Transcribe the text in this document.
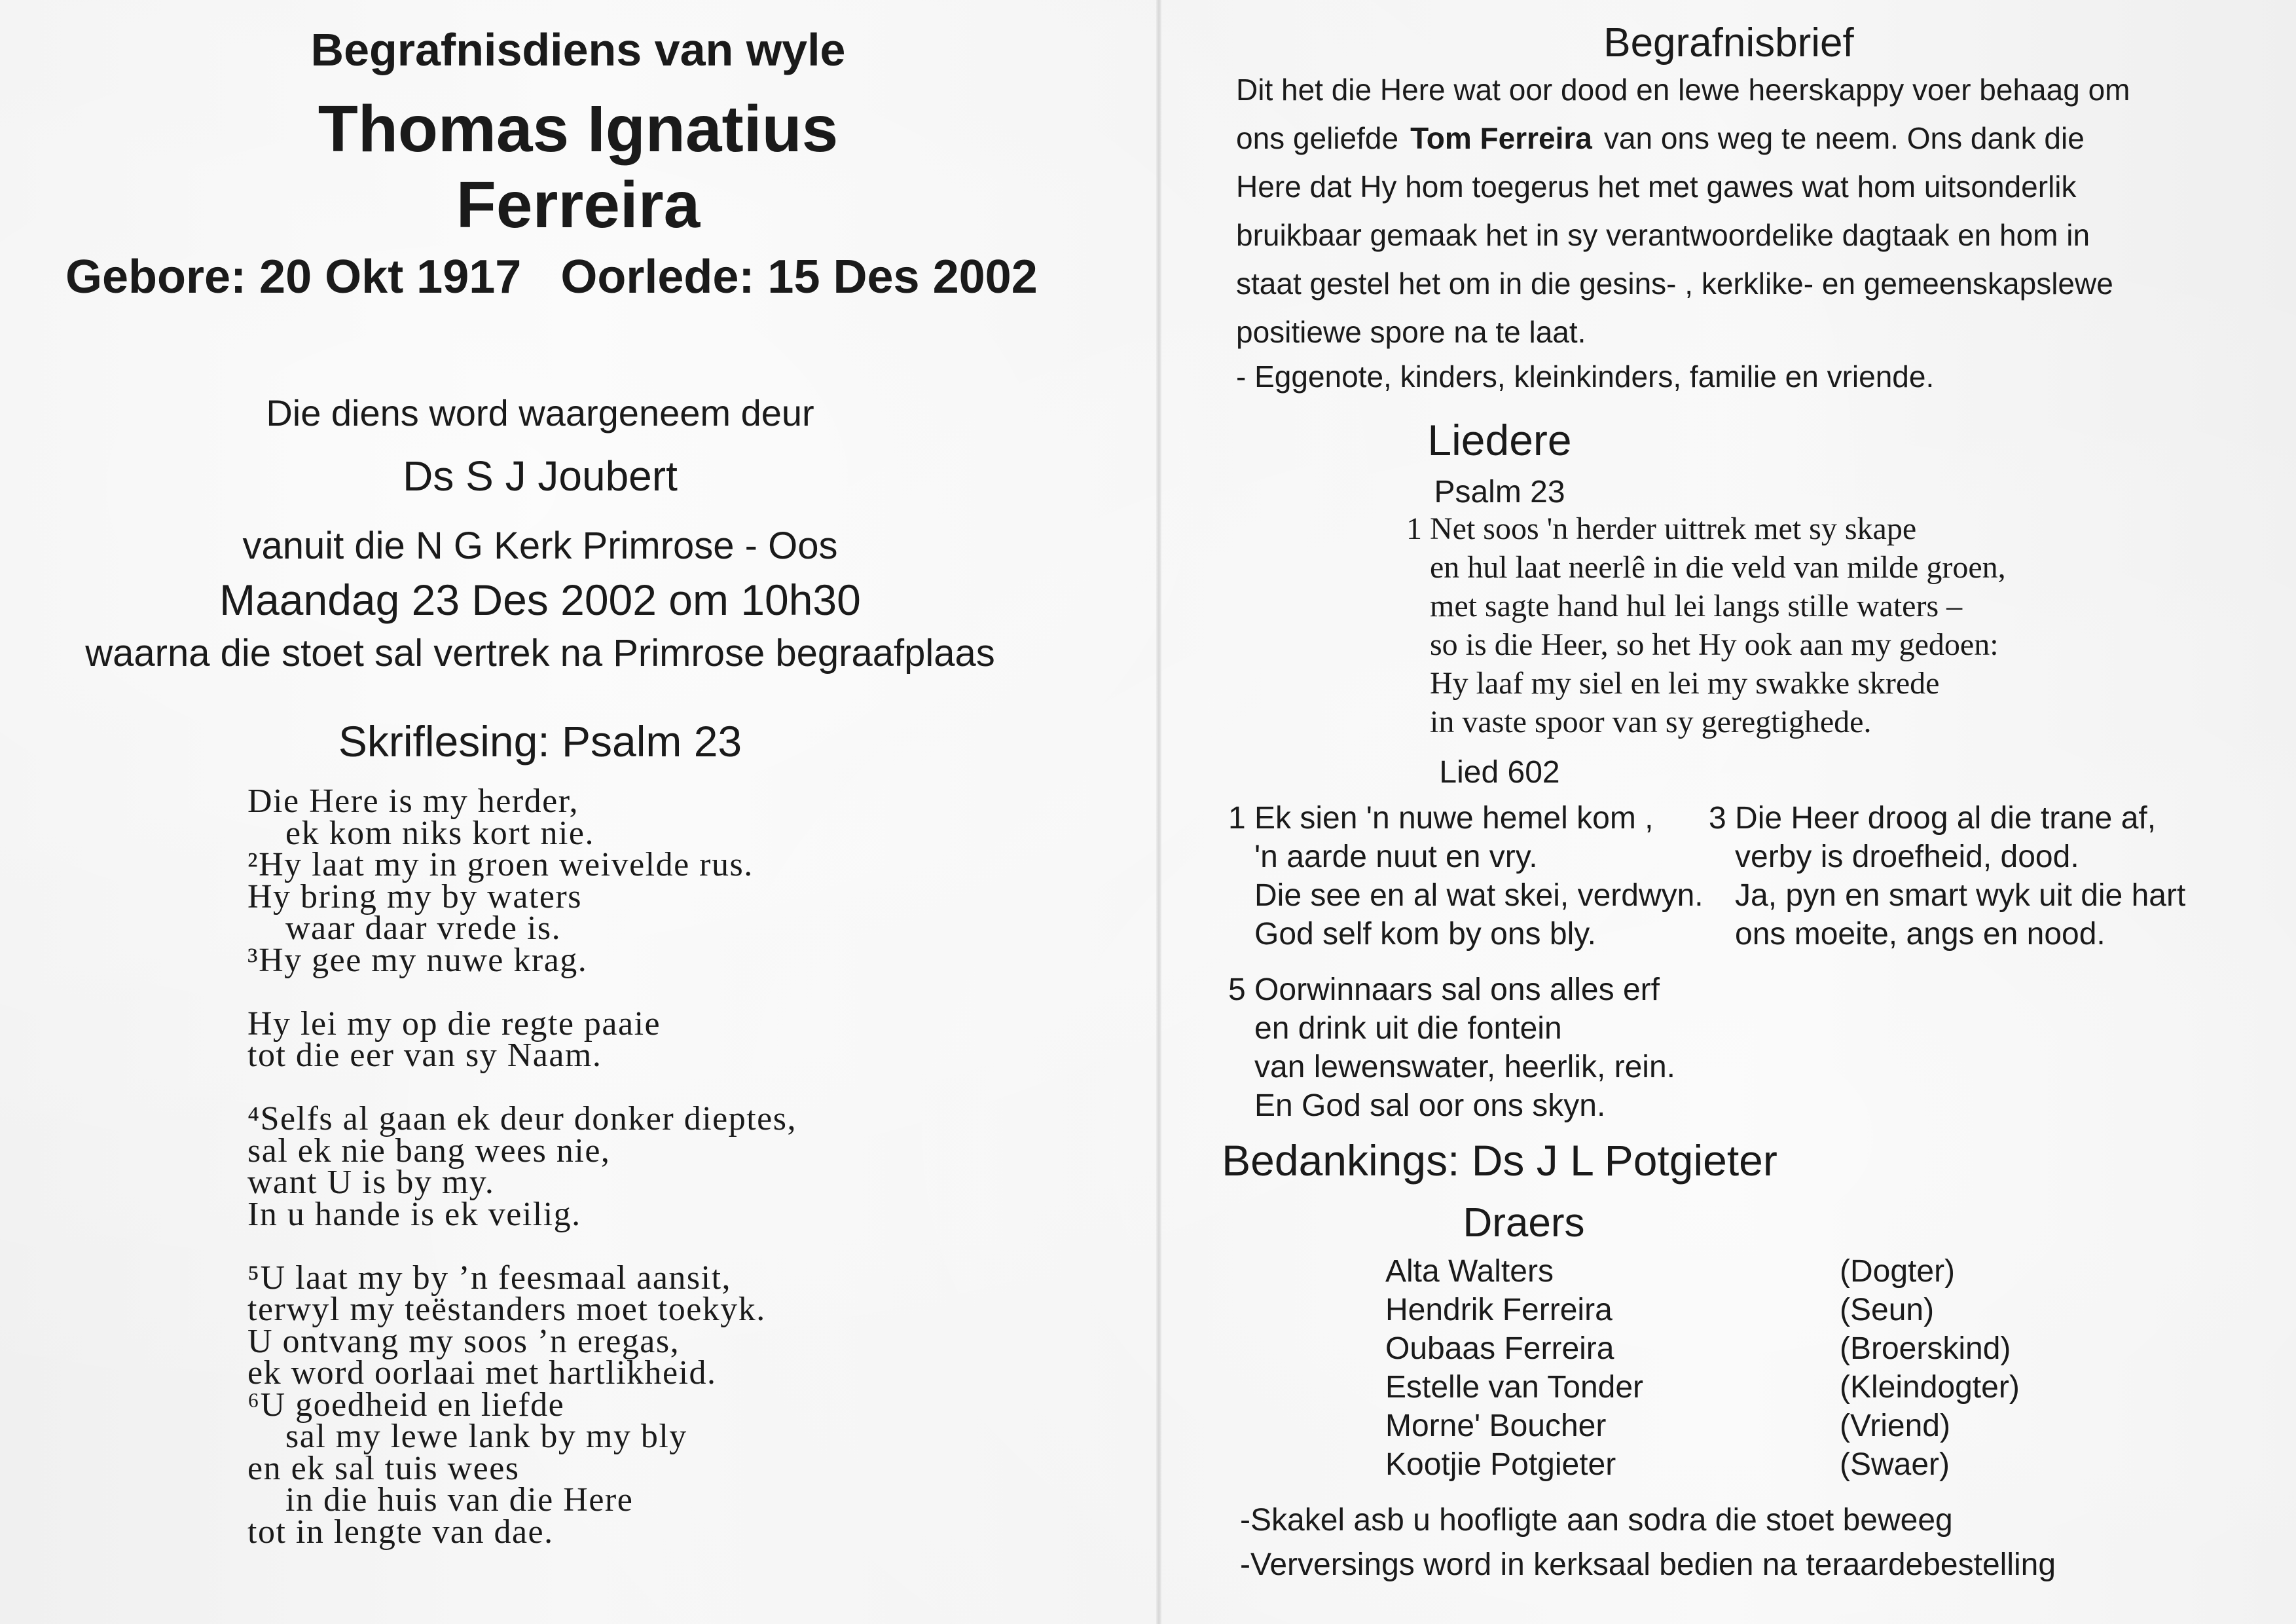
Begrafnisdiens van wyle
Thomas Ignatius
Ferreira
Gebore: 20 Okt 1917 Oorlede: 15 Des 2002
Die diens word waargeneem deur
Ds S J Joubert
vanuit die N G Kerk Primrose - Oos
Maandag 23 Des 2002 om 10h30
waarna die stoet sal vertrek na Primrose begraafplaas
Skriflesing: Psalm 23
Die Here is my herder,
ek kom niks kort nie.
²Hy laat my in groen weivelde rus.
Hy bring my by waters
waar daar vrede is.
³Hy gee my nuwe krag.
Hy lei my op die regte paaie
tot die eer van sy Naam.
⁴Selfs al gaan ek deur donker dieptes,
sal ek nie bang wees nie,
want U is by my.
In u hande is ek veilig.
⁵U laat my by ’n feesmaal aansit,
terwyl my teëstanders moet toekyk.
U ontvang my soos ’n eregas,
ek word oorlaai met hartlikheid.
⁶U goedheid en liefde
sal my lewe lank by my bly
en ek sal tuis wees
in die huis van die Here
tot in lengte van dae.
Begrafnisbrief
Dit het die Here wat oor dood en lewe heerskappy voer behaag om
ons geliefde Tom Ferreira van ons weg te neem. Ons dank die
Here dat Hy hom toegerus het met gawes wat hom uitsonderlik
bruikbaar gemaak het in sy verantwoordelike dagtaak en hom in
staat gestel het om in die gesins- , kerklike- en gemeenskapslewe
positiewe spore na te laat.
- Eggenote, kinders, kleinkinders, familie en vriende.
Liedere
Psalm 23
1 Net soos 'n herder uittrek met sy skape
en hul laat neerlê in die veld van milde groen,
met sagte hand hul lei langs stille waters –
so is die Heer, so het Hy ook aan my gedoen:
Hy laaf my siel en lei my swakke skrede
in vaste spoor van sy geregtighede.
Lied 602
1 Ek sien 'n nuwe hemel kom ,
'n aarde nuut en vry.
Die see en al wat skei, verdwyn.
God self kom by ons bly.
3 Die Heer droog al die trane af,
verby is droefheid, dood.
Ja, pyn en smart wyk uit die hart
ons moeite, angs en nood.
5 Oorwinnaars sal ons alles erf
en drink uit die fontein
van lewenswater, heerlik, rein.
En God sal oor ons skyn.
Bedankings: Ds J L Potgieter
Draers
Alta Walters	(Dogter)
Hendrik Ferreira	(Seun)
Oubaas Ferreira	(Broerskind)
Estelle van Tonder	(Kleindogter)
Morne' Boucher	(Vriend)
Kootjie Potgieter	(Swaer)
-Skakel asb u hoofligte aan sodra die stoet beweeg
-Verversings word in kerksaal bedien na teraardebestelling
